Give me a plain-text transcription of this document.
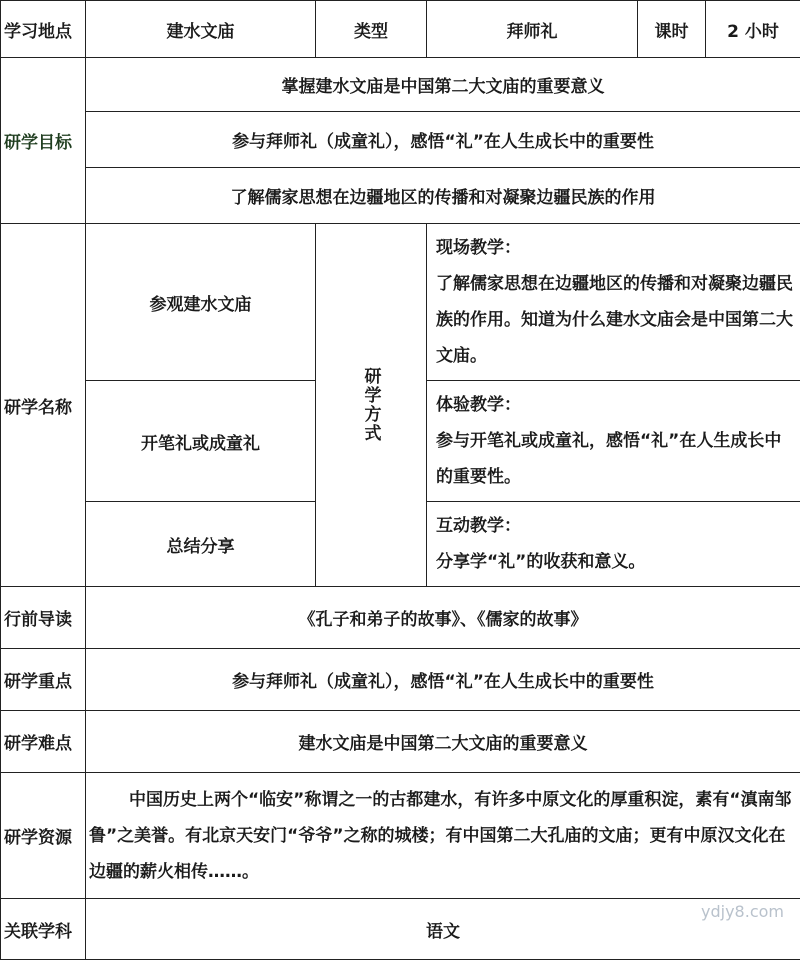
学习地点	建水文庙	类型	拜师礼	课时	2 小时
研学目标	掌握建水文庙是中国第二大文庙的重要意义				
	参与拜师礼（成童礼），感悟“礼”在人生成长中的重要性				
	了解儒家思想在边疆地区的传播和对凝聚边疆民族的作用				
研学名称	参观建水文庙	研学方式	现场教学：
了解儒家思想在边疆地区的传播和对凝聚边疆民族的作用。知道为什么建水文庙会是中国第二大文庙。		

	开笔礼或成童礼		体验教学：
参与开笔礼或成童礼，感悟“礼”在人生成长中的重要性。		

	总结分享		互动教学：
分享学“礼”的收获和意义。		

行前导读	《孔子和弟子的故事》、《儒家的故事》				
研学重点	参与拜师礼（成童礼），感悟“礼”在人生成长中的重要性				
研学难点	建水文庙是中国第二大文庙的重要意义				
研学资源	中国历史上两个“临安”称谓之一的古都建水，有许多中原文化的厚重积淀，素有“滇南邹鲁”之美誉。有北京天安门“爷爷”之称的城楼；有中国第二大孔庙的文庙；更有中原汉文化在边疆的薪火相传……。				
关联学科	语文				
ydjy8.com
